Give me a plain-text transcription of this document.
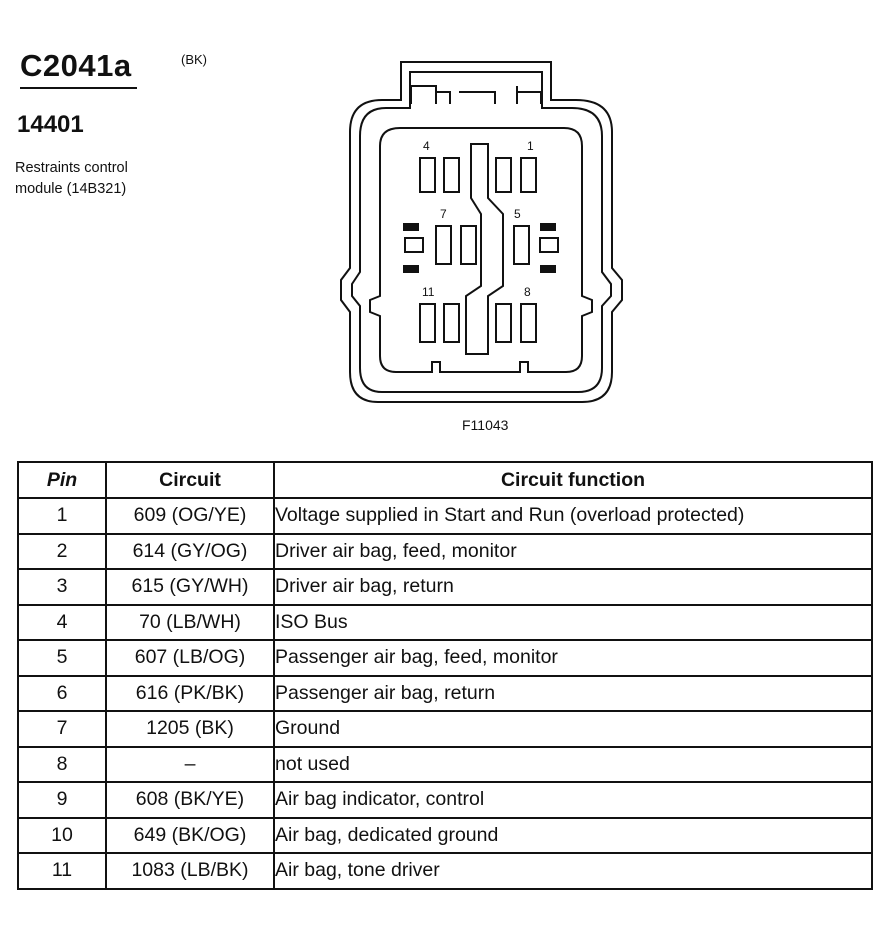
C2041a	(BK)
14401
Restraints control
module (14B321)
4	1
7	5
11	8
F11043
Pin	Circuit	Circuit function
1	609 (OG/YE)	Voltage supplied in Start and Run (overload protected)
2	614 (GY/OG)	Driver air bag, feed, monitor
3	615 (GY/WH)	Driver air bag, return
4	70 (LB/WH)	ISO Bus
5	607 (LB/OG)	Passenger air bag, feed, monitor
6	616 (PK/BK)	Passenger air bag, return
7	1205 (BK)	Ground
8	–	not used
9	608 (BK/YE)	Air bag indicator, control
10	649 (BK/OG)	Air bag, dedicated ground
11	1083 (LB/BK)	Air bag, tone driver
